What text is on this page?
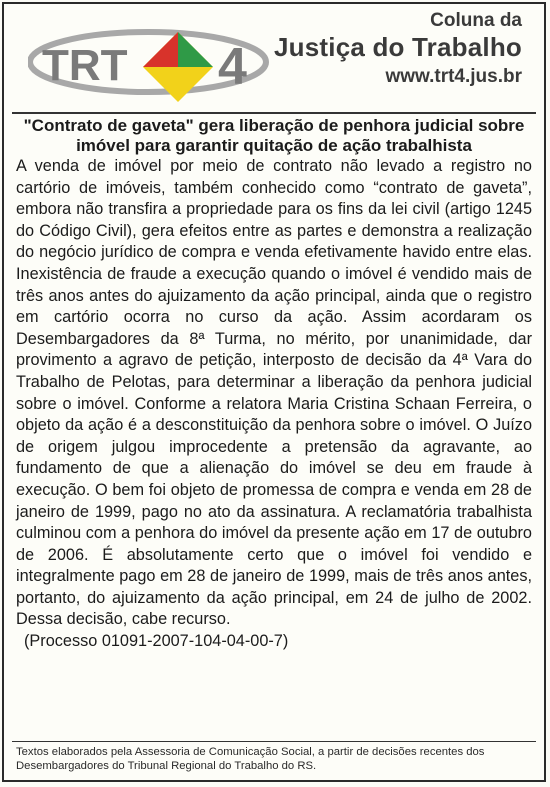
TRT 4
Coluna da
Justiça do Trabalho
www.trt4.jus.br

"Contrato de gaveta" gera liberação de penhora judicial sobre imóvel para garantir quitação de ação trabalhista

A venda de imóvel por meio de contrato não levado a registro no cartório de imóveis, também conhecido como “contrato de gaveta”, embora não transfira a propriedade para os fins da lei civil (artigo 1245 do Código Civil), gera efeitos entre as partes e demonstra a realização do negócio jurídico de compra e venda efetivamente havido entre elas. Inexistência de fraude a execução quando o imóvel é vendido mais de três anos antes do ajuizamento da ação principal, ainda que o registro em cartório ocorra no curso da ação. Assim acordaram os Desembargadores da 8ª Turma, no mérito, por unanimidade, dar provimento a agravo de petição, interposto de decisão da 4ª Vara do Trabalho de Pelotas, para determinar a liberação da penhora judicial sobre o imóvel. Conforme a relatora Maria Cristina Schaan Ferreira, o objeto da ação é a desconstituição da penhora sobre o imóvel. O Juízo de origem julgou improcedente a pretensão da agravante, ao fundamento de que a alienação do imóvel se deu em fraude à execução. O bem foi objeto de promessa de compra e venda em 28 de janeiro de 1999, pago no ato da assinatura. A reclamatória trabalhista culminou com a penhora do imóvel da presente ação em 17 de outubro de 2006. É absolutamente certo que o imóvel foi vendido e integralmente pago em 28 de janeiro de 1999, mais de três anos antes, portanto, do ajuizamento da ação principal, em 24 de julho de 2002. Dessa decisão, cabe recurso.

(Processo 01091-2007-104-04-00-7)

Textos elaborados pela Assessoria de Comunicação Social, a partir de decisões recentes dos Desembargadores do Tribunal Regional do Trabalho do RS.
